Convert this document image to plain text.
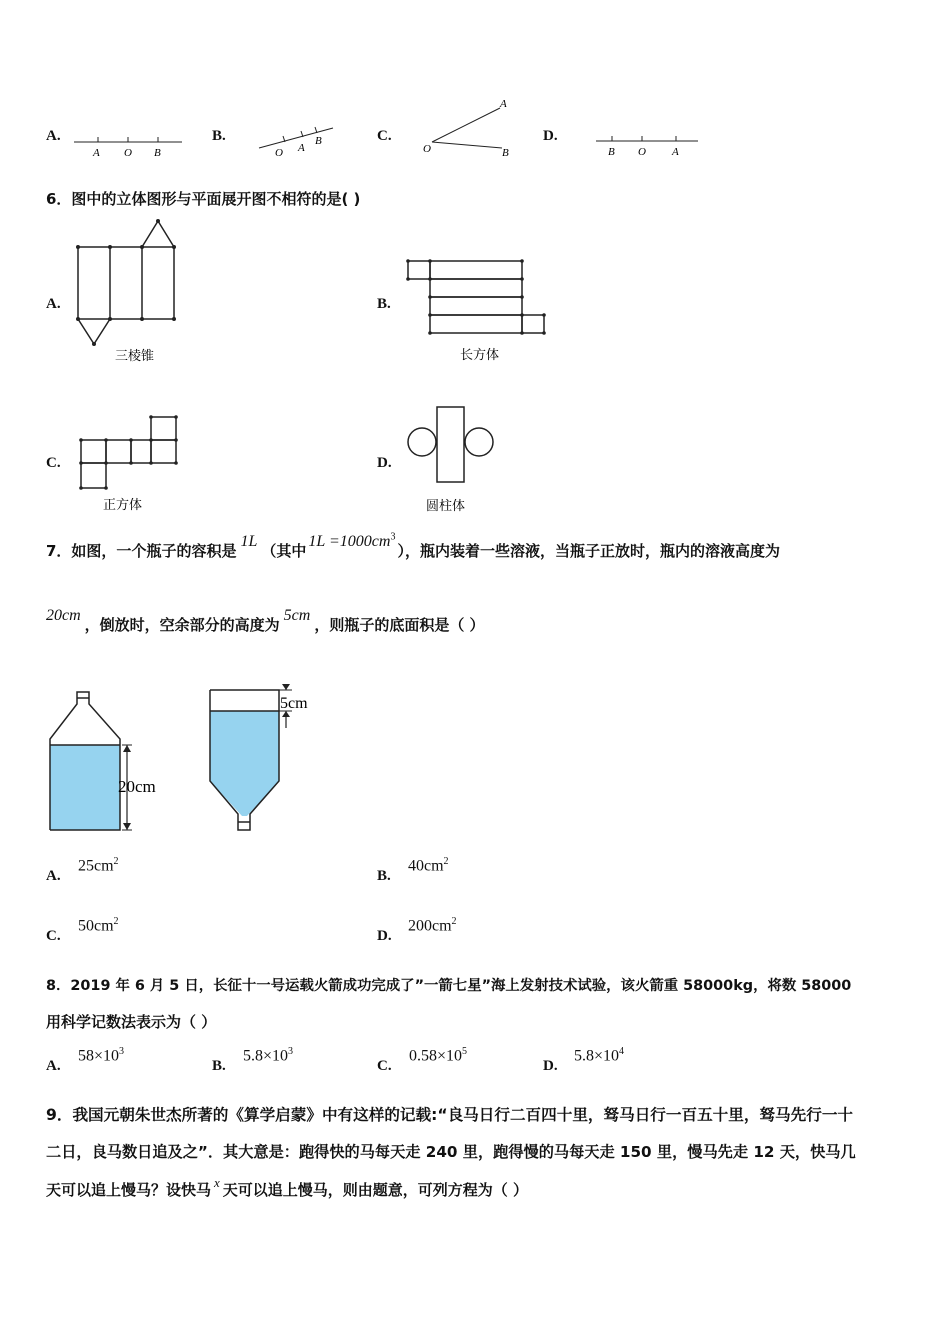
A.
A O B
B.
O A
B	C.
A
O	B
D.
B O A
6．图中的立体图形与平面展开图不相符的是( )
A.
三棱锥
B.
长方体
C.
正方体
D.
圆柱体
7．如图，一个瓶子的容积是1L（其中$1L =1000cm^3$），瓶内装着一些溶液，当瓶子正放时，瓶内的溶液高度为
20cm，倒放时，空余部分的高度为5cm，则瓶子的底面积是（ ）
20cm
5cm
A.
$25cm^2$
B.
$40cm^2$
C.
$50cm^2$
D.
$200cm^2$
8．2019 年 6 月 5 日，长征十一号运载火箭成功完成了”一箭七星”海上发射技术试验，该火箭重 58000kg，将数 58000
用科学记数法表示为（ ）
A.
$58\times 10^3$
B.
$5.8\times 10^3$
C.
$0.58\times 10^5$
D.
$5.8\times 10^4$
9．我国元朝朱世杰所著的《算学启蒙》中有这样的记载:“良马日行二百四十里，驽马日行一百五十里，驽马先行一十
二日，良马数日追及之”．其大意是：跑得快的马每天走 240 里，跑得慢的马每天走 150 里，慢马先走 12 天，快马几
天可以追上慢马？设快马 x 天可以追上慢马，则由题意，可列方程为（ ）
